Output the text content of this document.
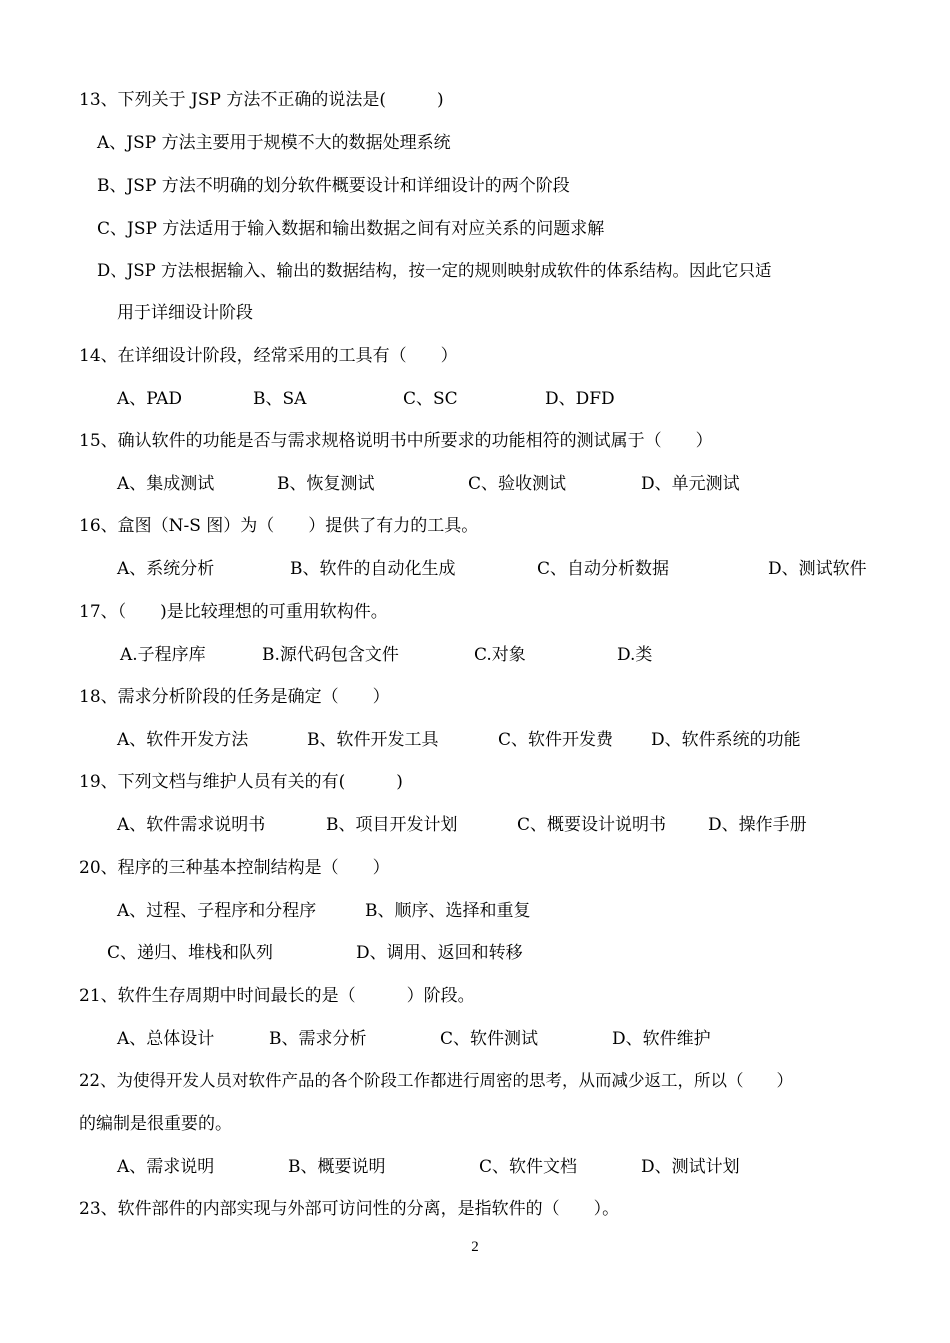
13、下列关于 JSP 方法不正确的说法是(　　　)
A、JSP 方法主要用于规模不大的数据处理系统
B、JSP 方法不明确的划分软件概要设计和详细设计的两个阶段
C、JSP 方法适用于输入数据和输出数据之间有对应关系的问题求解
D、JSP 方法根据输入、输出的数据结构，按一定的规则映射成软件的体系结构。因此它只适
用于详细设计阶段
14、在详细设计阶段，经常采用的工具有（　　）
A、PAD	B、SA	C、SC	D、DFD
15、确认软件的功能是否与需求规格说明书中所要求的功能相符的测试属于（　　）
A、集成测试	B、恢复测试	C、验收测试	D、单元测试
16、盒图（N-S 图）为（　　）提供了有力的工具。
A、系统分析	B、软件的自动化生成	C、自动分析数据	D、测试软件
17、（　　)是比较理想的可重用软构件。
A.子程序库	B.源代码包含文件	C.对象	D.类
18、需求分析阶段的任务是确定（　　）
A、软件开发方法	B、软件开发工具	C、软件开发费 D、软件系统的功能
19、下列文档与维护人员有关的有(　　　)
A、软件需求说明书	B、项目开发计划	C、概要设计说明书 D、操作手册
20、程序的三种基本控制结构是（　　）
A、过程、子程序和分程序	B、顺序、选择和重复
C、递归、堆栈和队列	D、调用、返回和转移
21、软件生存周期中时间最长的是（　　　）阶段。
A、总体设计	B、需求分析	C、软件测试	D、软件维护
22、为使得开发人员对软件产品的各个阶段工作都进行周密的思考，从而减少返工，所以（　　）
的编制是很重要的。
A、需求说明	B、概要说明	C、软件文档	D、测试计划
23、软件部件的内部实现与外部可访问性的分离，是指软件的（　　）。
2
